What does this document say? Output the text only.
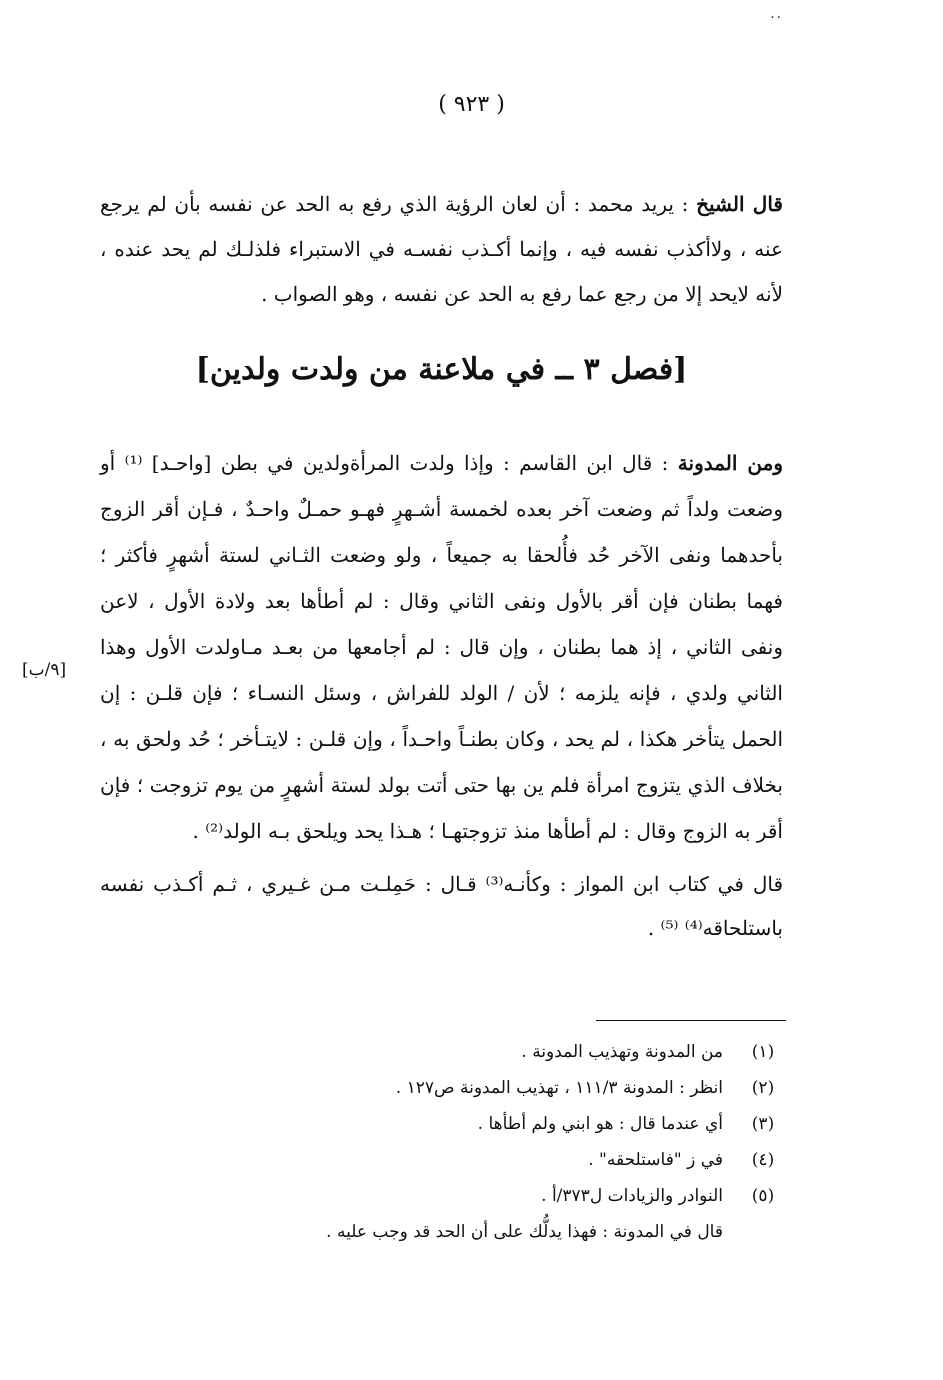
..
( ٩٢٣ )
قال الشيخ : يريد محمد : أن لعان الرؤية الذي رفع به الحد عن نفسه بأن لم يرجع عنه ، ولاأكذب نفسه فيه ، وإنما أكـذب نفسـه في الاستبراء فلذلـك لم يحد عنده ، لأنه لايحد إلا من رجع عما رفع به الحد عن نفسه ، وهو الصواب .
[فصل ٣ ــ في ملاعنة من ولدت ولدين]
ومن المدونة : قال ابن القاسم : وإذا ولدت المرأةولدين في بطن [واحـد] ⁽¹⁾ أو وضعت ولداً ثم وضعت آخر بعده لخمسة أشـهرٍ فهـو حمـلٌ واحـدٌ ، فـإن أقر الزوج بأحدهما ونفى الآخر حُد فأُلحقا به جميعاً ، ولو وضعت الثـاني لستة أشهرٍ فأكثر ؛ فهما بطنان فإن أقر بالأول ونفى الثاني وقال : لم أطأها بعد ولادة الأول ، لاعن ونفى الثاني ، إذ هما بطنان ، وإن قال : لم أجامعها من بعـد مـاولدت الأول وهذا الثاني ولدي ، فإنه يلزمه ؛ لأن / الولد للفراش ، وسئل النسـاء ؛ فإن قلـن : إن الحمل يتأخر هكذا ، لم يحد ، وكان بطنـاً واحـداً ، وإن قلـن : لايتـأخر ؛ حُد ولحق به ، بخلاف الذي يتزوج امرأة فلم ين بها حتى أتت بولد لستة أشهرٍ من يوم تزوجت ؛ فإن أقر به الزوج وقال : لم أطأها منذ تزوجتهـا ؛ هـذا يحد ويلحق بـه الولد⁽²⁾ .
[٩/ب]
قال في كتاب ابن المواز : وكأنـه⁽³⁾ قـال : حَمِلـت مـن غـيري ، ثـم أكـذب نفسه باستلحاقه⁽⁴⁾ ⁽⁵⁾ .
(١)
من المدونة وتهذيب المدونة .
(٢)
انظر : المدونة ١١١/٣ ، تهذيب المدونة ص١٢٧ .
(٣)
أي عندما قال : هو ابني ولم أطأها .
(٤)
في ز "فاستلحقه" .
(٥)
النوادر والزيادات ل٣٧٣/أ .
قال في المدونة : فهذا يدلُّك على أن الحد قد وجب عليه .
